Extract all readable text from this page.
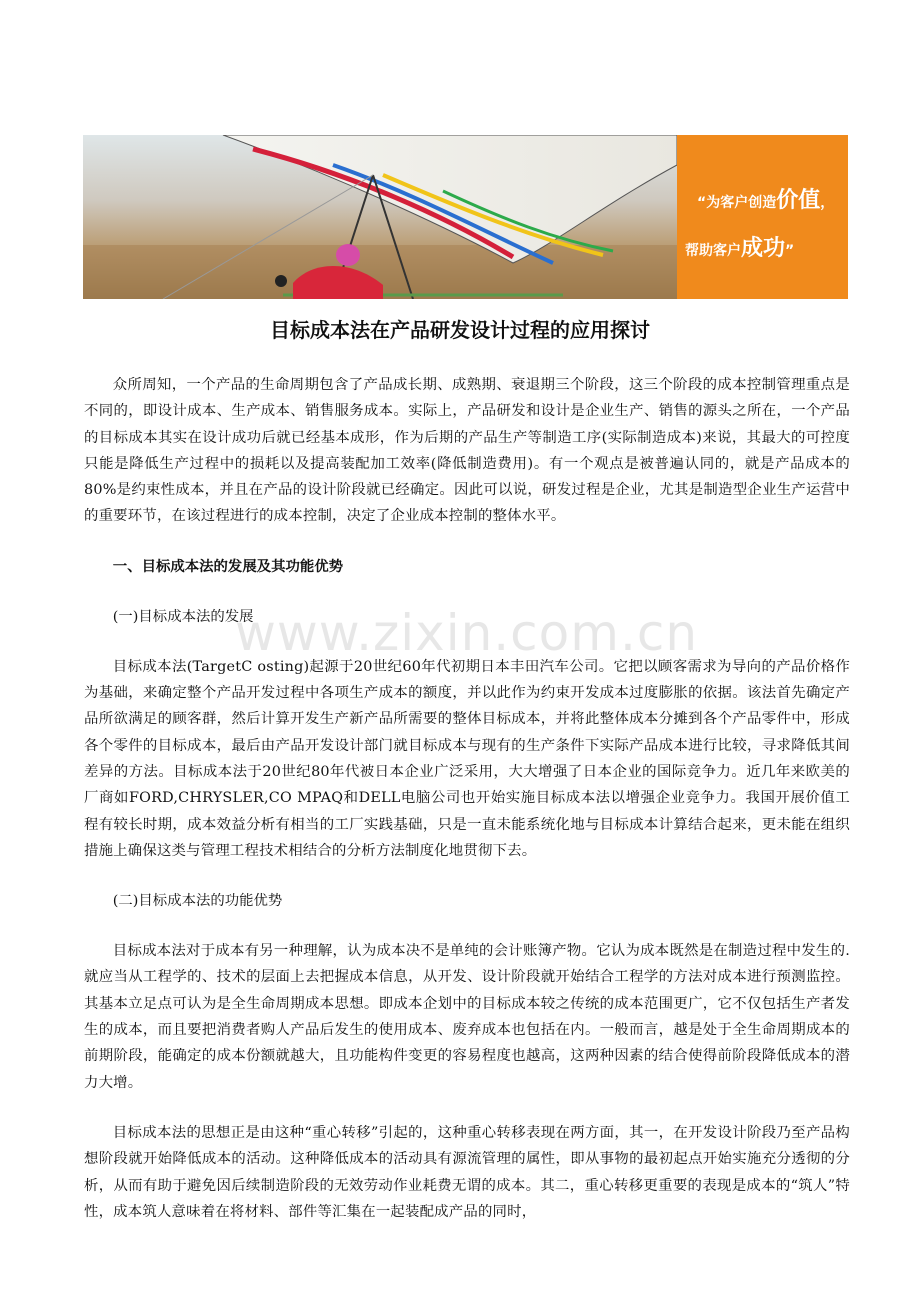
“为客户创造价值，
帮助客户成功”
目标成本法在产品研发设计过程的应用探讨

众所周知，一个产品的生命周期包含了产品成长期、成熟期、衰退期三个阶段，这三个阶段的成本控制管理重点是不同的，即设计成本、生产成本、销售服务成本。实际上，产品研发和设计是企业生产、销售的源头之所在，一个产品的目标成本其实在设计成功后就已经基本成形，作为后期的产品生产等制造工序(实际制造成本)来说，其最大的可控度只能是降低生产过程中的损耗以及提高装配加工效率(降低制造费用)。有一个观点是被普遍认同的，就是产品成本的80%是约束性成本，并且在产品的设计阶段就已经确定。因此可以说，研发过程是企业，尤其是制造型企业生产运营中的重要环节，在该过程进行的成本控制，决定了企业成本控制的整体水平。

一、目标成本法的发展及其功能优势

(一)目标成本法的发展

目标成本法(TargetC osting)起源于20世纪60年代初期日本丰田汽车公司。它把以顾客需求为导向的产品价格作为基础，来确定整个产品开发过程中各项生产成本的额度，并以此作为约束开发成本过度膨胀的依据。该法首先确定产品所欲满足的顾客群，然后计算开发生产新产品所需要的整体目标成本，并将此整体成本分摊到各个产品零件中，形成各个零件的目标成本，最后由产品开发设计部门就目标成本与现有的生产条件下实际产品成本进行比较，寻求降低其间差异的方法。目标成本法于20世纪80年代被日本企业广泛采用，大大增强了日本企业的国际竞争力。近几年来欧美的厂商如FORD,CHRYSLER,CO MPAQ和DELL电脑公司也开始实施目标成本法以增强企业竞争力。我国开展价值工程有较长时期，成本效益分析有相当的工厂实践基础，只是一直未能系统化地与目标成本计算结合起来，更未能在组织措施上确保这类与管理工程技术相结合的分析方法制度化地贯彻下去。

(二)目标成本法的功能优势

目标成本法对于成本有另一种理解，认为成本决不是单纯的会计账簿产物。它认为成本既然是在制造过程中发生的.就应当从工程学的、技术的层面上去把握成本信息，从开发、设计阶段就开始结合工程学的方法对成本进行预测监控。其基本立足点可认为是全生命周期成本思想。即成本企划中的目标成本较之传统的成本范围更广，它不仅包括生产者发生的成本，而且要把消费者购人产品后发生的使用成本、废弃成本也包括在内。一般而言，越是处于全生命周期成本的前期阶段，能确定的成本份额就越大，且功能构件变更的容易程度也越高，这两种因素的结合使得前阶段降低成本的潜力大增。

目标成本法的思想正是由这种“重心转移”引起的，这种重心转移表现在两方面，其一，在开发设计阶段乃至产品构想阶段就开始降低成本的活动。这种降低成本的活动具有源流管理的属性，即从事物的最初起点开始实施充分透彻的分析，从而有助于避免因后续制造阶段的无效劳动作业耗费无谓的成本。其二，重心转移更重要的表现是成本的“筑人”特性，成本筑人意味着在将材料、部件等汇集在一起装配成产品的同时，

www.zixin.com.cn
